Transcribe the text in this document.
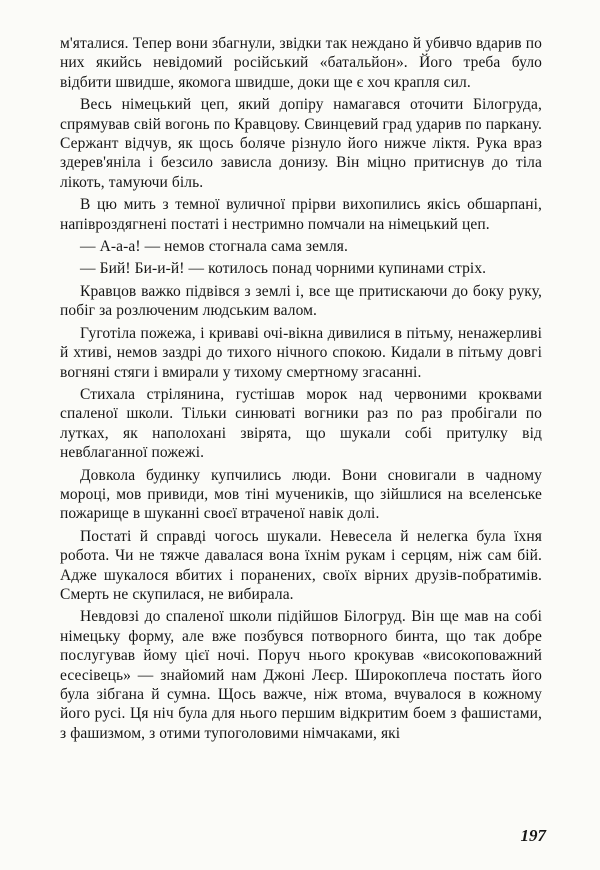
м'яталися. Тепер вони збагнули, звідки так неждано й убивчо вдарив по них якийсь невідомий російський «батальйон». Його треба було відбити швидше, якомога швидше, доки ще є хоч крапля сил.

Весь німецький цеп, який допіру намагався оточити Білогруда, спрямував свій вогонь по Кравцову. Свинцевий град ударив по паркану. Сержант відчув, як щось боляче різнуло його нижче ліктя. Рука враз здерев'яніла і безсило зависла донизу. Він міцно притиснув до тіла лікоть, тамуючи біль.

В цю мить з темної вуличної прірви вихопились якісь обшарпані, напівроздягнені постаті і нестримно помчали на німецький цеп.

— А-а-а! — немов стогнала сама земля.

— Бий! Би-и-й! — котилось понад чорними купинами стріх.

Кравцов важко підвівся з землі і, все ще притискаючи до боку руку, побіг за розлюченим людським валом.

Гуготіла пожежа, і криваві очі-вікна дивилися в пітьму, ненажерливі й хтиві, немов заздрі до тихого нічного спокою. Кидали в пітьму довгі вогняні стяги і вмирали у тихому смертному згасанні.

Стихала стрілянина, густішав морок над червоними кроквами спаленої школи. Тільки синюваті вогники раз по раз пробігали по лутках, як наполохані звірята, що шукали собі притулку від невблаганної пожежі.

Довкола будинку купчились люди. Вони сновигали в чадному мороці, мов привиди, мов тіні мучеників, що зійшлися на вселенське пожарище в шуканні своєї втраченої навік долі.

Постаті й справді чогось шукали. Невесела й нелегка була їхня робота. Чи не тяжче давалася вона їхнім рукам і серцям, ніж сам бій. Адже шукалося вбитих і поранених, своїх вірних друзів-побратимів. Смерть не скупилася, не вибирала.

Невдовзі до спаленої школи підійшов Білогруд. Він ще мав на собі німецьку форму, але вже позбувся потворного бинта, що так добре послугував йому цієї ночі. Поруч нього крокував «високоповажний есесівець» — знайомий нам Джоні Леєр. Широкоплеча постать його була зібгана й сумна. Щось важче, ніж втома, вчувалося в кожному його русі. Ця ніч була для нього першим відкритим боем з фашистами, з фашизмом, з отими тупоголовими німчаками, які

197
